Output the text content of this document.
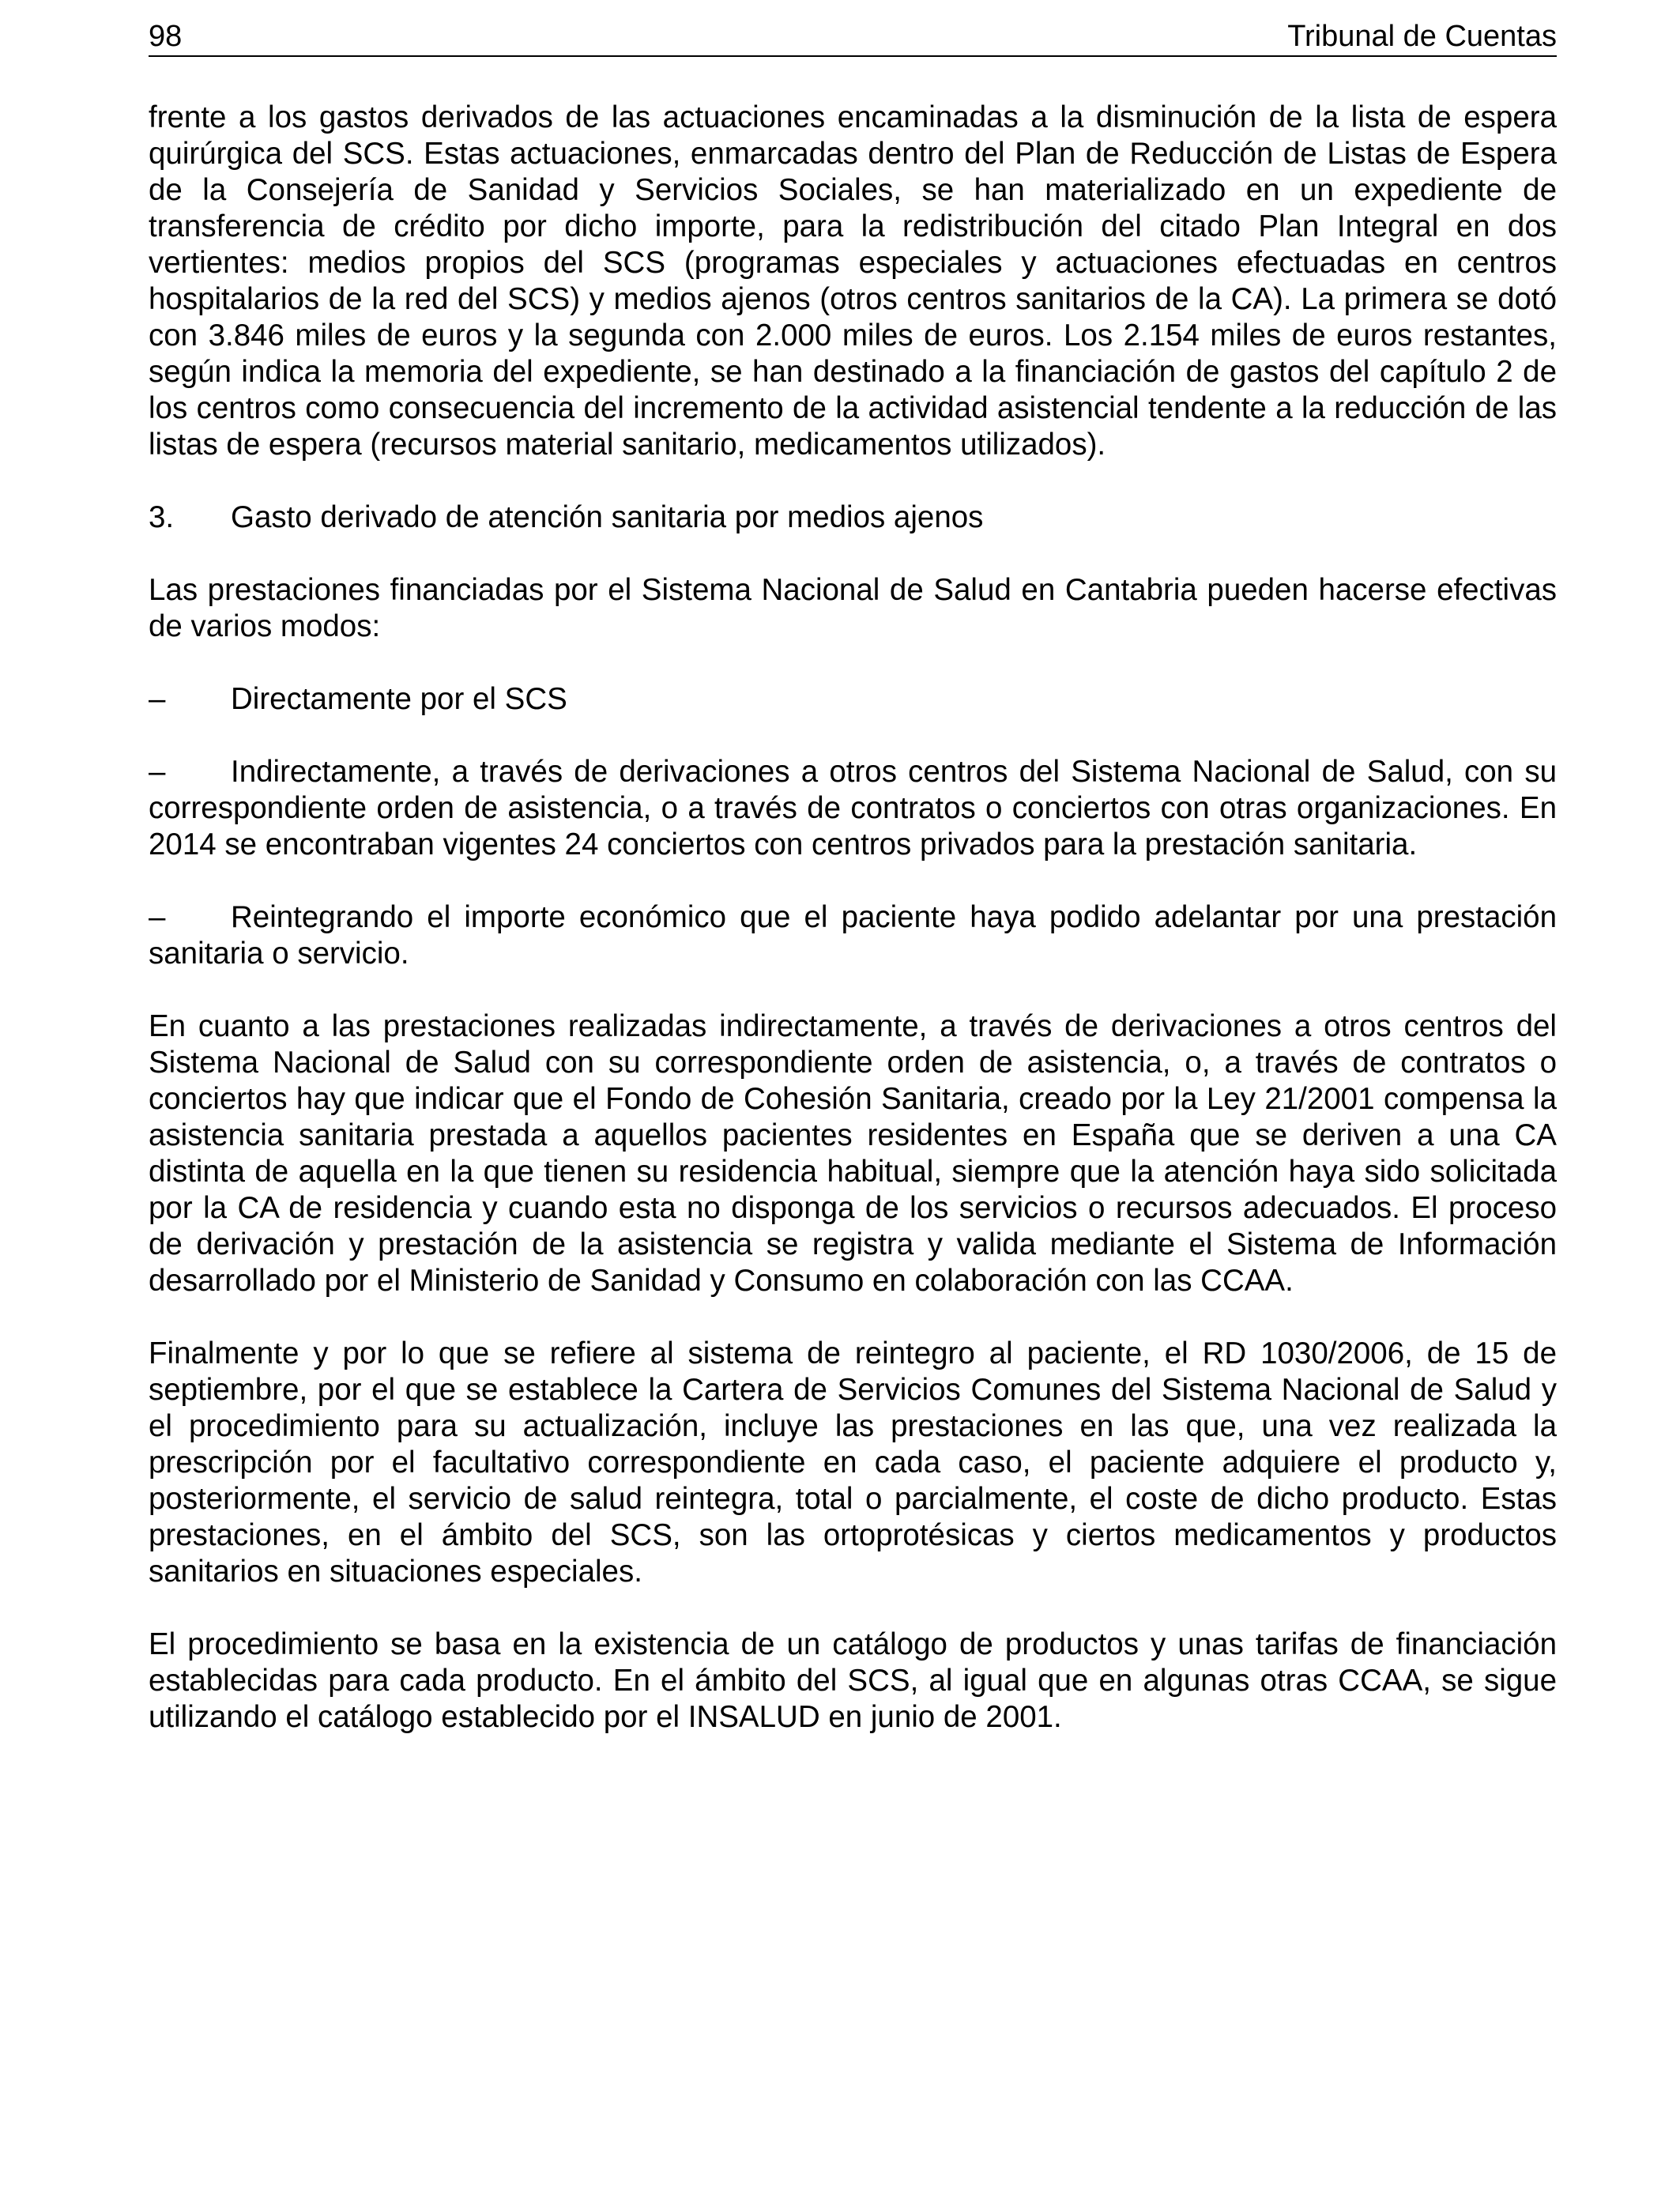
98	Tribunal de Cuentas

frente a los gastos derivados de las actuaciones encaminadas a la disminución de la lista de espera quirúrgica del SCS. Estas actuaciones, enmarcadas dentro del Plan de Reducción de Listas de Espera de la Consejería de Sanidad y Servicios Sociales, se han materializado en un expediente de transferencia de crédito por dicho importe, para la redistribución del citado Plan Integral en dos vertientes: medios propios del SCS (programas especiales y actuaciones efectuadas en centros hospitalarios de la red del SCS) y medios ajenos (otros centros sanitarios de la CA). La primera se dotó con 3.846 miles de euros y la segunda con 2.000 miles de euros. Los 2.154 miles de euros restantes, según indica la memoria del expediente, se han destinado a la financiación de gastos del capítulo 2 de los centros como consecuencia del incremento de la actividad asistencial tendente a la reducción de las listas de espera (recursos material sanitario, medicamentos utilizados).

3. Gasto derivado de atención sanitaria por medios ajenos

Las prestaciones financiadas por el Sistema Nacional de Salud en Cantabria pueden hacerse efectivas de varios modos:

– Directamente por el SCS
– Indirectamente, a través de derivaciones a otros centros del Sistema Nacional de Salud, con su correspondiente orden de asistencia, o a través de contratos o conciertos con otras organizaciones. En 2014 se encontraban vigentes 24 conciertos con centros privados para la prestación sanitaria.
– Reintegrando el importe económico que el paciente haya podido adelantar por una prestación sanitaria o servicio.

En cuanto a las prestaciones realizadas indirectamente, a través de derivaciones a otros centros del Sistema Nacional de Salud con su correspondiente orden de asistencia, o, a través de contratos o conciertos hay que indicar que el Fondo de Cohesión Sanitaria, creado por la Ley 21/2001 compensa la asistencia sanitaria prestada a aquellos pacientes residentes en España que se deriven a una CA distinta de aquella en la que tienen su residencia habitual, siempre que la atención haya sido solicitada por la CA de residencia y cuando esta no disponga de los servicios o recursos adecuados. El proceso de derivación y prestación de la asistencia se registra y valida mediante el Sistema de Información desarrollado por el Ministerio de Sanidad y Consumo en colaboración con las CCAA.

Finalmente y por lo que se refiere al sistema de reintegro al paciente, el RD 1030/2006, de 15 de septiembre, por el que se establece la Cartera de Servicios Comunes del Sistema Nacional de Salud y el procedimiento para su actualización, incluye las prestaciones en las que, una vez realizada la prescripción por el facultativo correspondiente en cada caso, el paciente adquiere el producto y, posteriormente, el servicio de salud reintegra, total o parcialmente, el coste de dicho producto. Estas prestaciones, en el ámbito del SCS, son las ortoprotésicas y ciertos medicamentos y productos sanitarios en situaciones especiales.

El procedimiento se basa en la existencia de un catálogo de productos y unas tarifas de financiación establecidas para cada producto. En el ámbito del SCS, al igual que en algunas otras CCAA, se sigue utilizando el catálogo establecido por el INSALUD en junio de 2001.
